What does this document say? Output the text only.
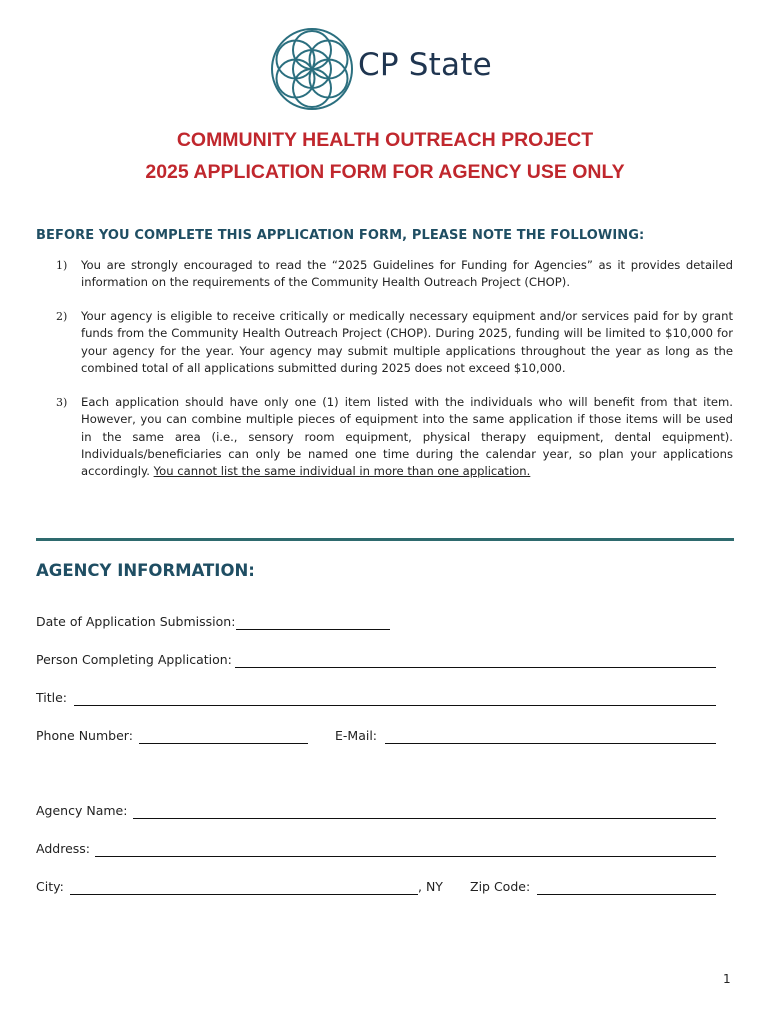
CP State
COMMUNITY HEALTH OUTREACH PROJECT
2025 APPLICATION FORM FOR AGENCY USE ONLY
BEFORE YOU COMPLETE THIS APPLICATION FORM, PLEASE NOTE THE FOLLOWING:
1) You are strongly encouraged to read the “2025 Guidelines for Funding for Agencies” as it provides detailed information on the requirements of the Community Health Outreach Project (CHOP).
2) Your agency is eligible to receive critically or medically necessary equipment and/or services paid for by grant funds from the Community Health Outreach Project (CHOP). During 2025, funding will be limited to $10,000 for your agency for the year. Your agency may submit multiple applications throughout the year as long as the combined total of all applications submitted during 2025 does not exceed $10,000.
3) Each application should have only one (1) item listed with the individuals who will benefit from that item. However, you can combine multiple pieces of equipment into the same application if those items will be used in the same area (i.e., sensory room equipment, physical therapy equipment, dental equipment). Individuals/beneficiaries can only be named one time during the calendar year, so plan your applications accordingly. You cannot list the same individual in more than one application.
AGENCY INFORMATION:
Date of Application Submission:
Person Completing Application:
Title:
Phone Number:	E-Mail:
Agency Name:
Address:
City:	, NY Zip Code:
1
